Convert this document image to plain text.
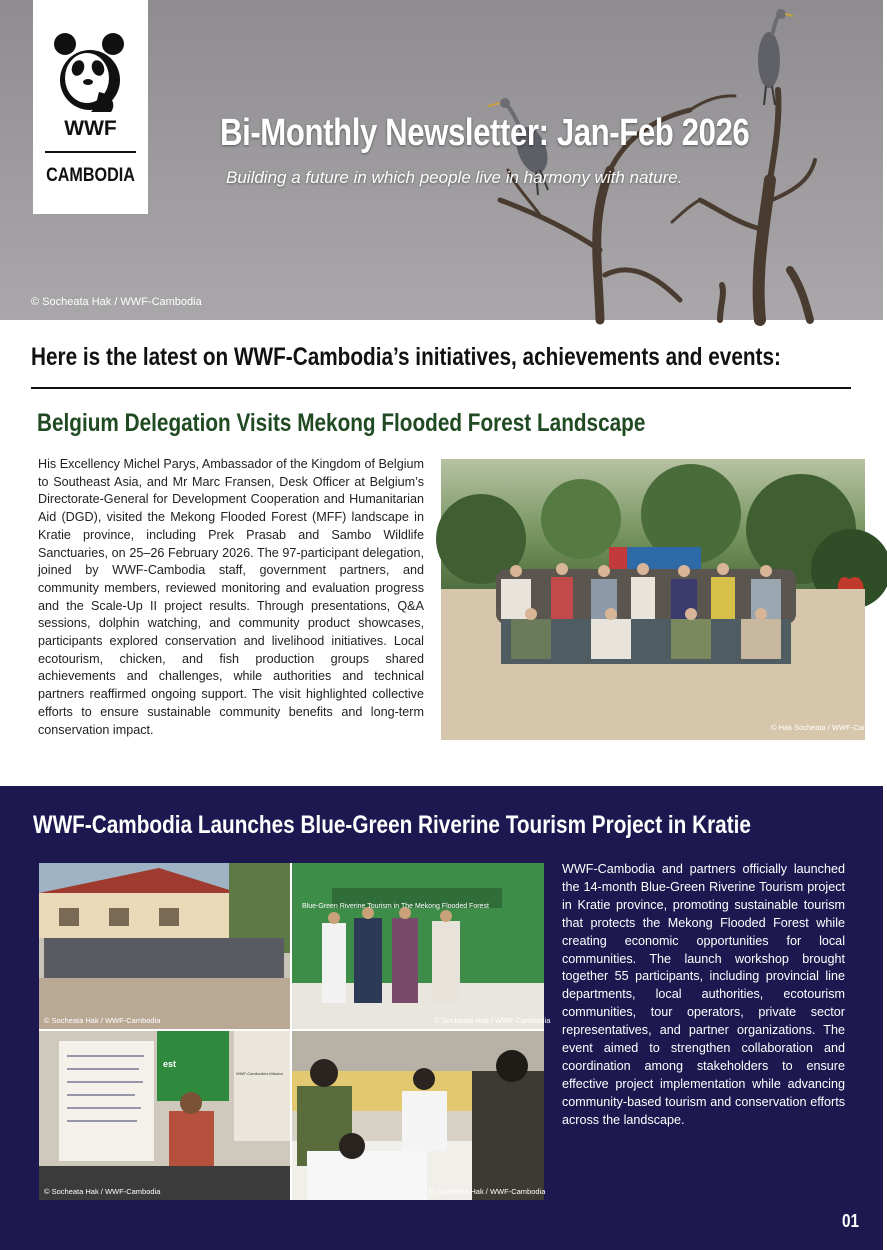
WWF
CAMBODIA
Bi-Monthly Newsletter: Jan-Feb 2026
Building a future in which people live in harmony with nature.
© Socheata Hak / WWF-Cambodia
Here is the latest on WWF-Cambodia’s initiatives, achievements and events:
Belgium Delegation Visits Mekong Flooded Forest Landscape
His Excellency Michel Parys, Ambassador of the Kingdom of Belgium to Southeast Asia, and Mr Marc Fransen, Desk Officer at Belgium’s Directorate-General for Development Cooperation and Humanitarian Aid (DGD), visited the Mekong Flooded Forest (MFF) landscape in Kratie province, including Prek Prasab and Sambo Wildlife Sanctuaries, on 25–26 February 2026. The 97-participant delegation, joined by WWF-Cambodia staff, government partners, and community members, reviewed monitoring and evaluation progress and the Scale-Up II project results. Through presentations, Q&A sessions, dolphin watching, and community product showcases, participants explored conservation and livelihood initiatives. Local ecotourism, chicken, and fish production groups shared achievements and challenges, while authorities and technical partners reaffirmed ongoing support. The visit highlighted collective efforts to ensure sustainable community benefits and long-term conservation impact.	© Hak Socheata / WWF-Cambodia
WWF-Cambodia Launches Blue-Green Riverine Tourism Project in Kratie
© Socheata Hak / WWF-Cambodia
Blue-Green Riverine Tourism in The Mekong Flooded Forest
© Socheata Hak / WWF-Cambodia
est
WWF-Cambodia's Mission
© Socheata Hak / WWF-Cambodia	© Socheata Hak / WWF-Cambodia
WWF-Cambodia and partners officially launched the 14-month Blue-Green Riverine Tourism project in Kratie province, promoting sustainable tourism that protects the Mekong Flooded Forest while creating economic opportunities for local communities. The launch workshop brought together 55 participants, including provincial line departments, local authorities, ecotourism communities, tour operators, private sector representatives, and partner organizations. The event aimed to strengthen collaboration and coordination among stakeholders to ensure effective project implementation while advancing community-based tourism and conservation efforts across the landscape.
01
